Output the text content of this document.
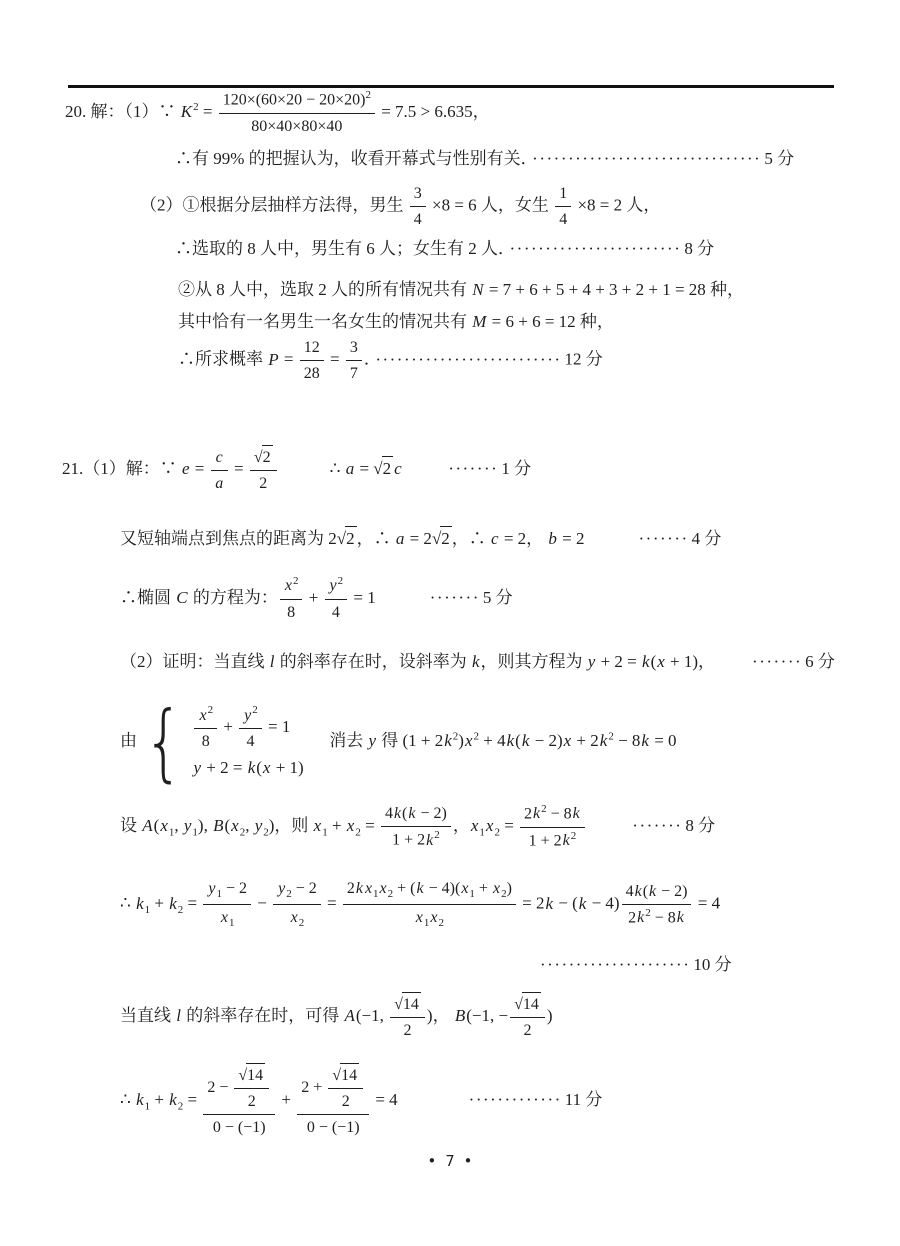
20. 解：（1）∵ $K^2 = \frac{120\times(60\times 20 - 20\times 20)^2}{80\times 40\times 80\times 40} = 7.5 > 6.635$，
∴有 99% 的把握认为，收看开幕式与性别有关． ································ 5 分
（2）①根据分层抽样方法得，男生 $\frac{3}{4} \times 8 = 6$ 人，女生 $\frac{1}{4} \times 8 = 2$ 人，
∴选取的 8 人中，男生有 6 人；女生有 2 人． ························ 8 分
②从 8 人中，选取 2 人的所有情况共有 N = 7 + 6 + 5 + 4 + 3 + 2 + 1 = 28 种，
其中恰有一名男生一名女生的情况共有 M = 6 + 6 = 12 种，
∴所求概率 $P = \frac{12}{28} = \frac{3}{7}$ ． ·························· 12 分
21.（1）解：∵ $e = \frac{c}{a} = \frac{√2}{2}$	∴ a = √2 c	······· 1 分
又短轴端点到焦点的距离为 2√2 ，∴ a = 2√2 ，∴ c = 2， b = 2	······· 4 分
∴椭圆 C 的方程为： $\frac{x^2}{8} + \frac{y^2}{4} = 1$	······· 5 分
（2）证明：当直线 l 的斜率存在时，设斜率为 k，则其方程为 y + 2 = k(x + 1)， ······· 6 分
由 { $\frac{x^2}{8} + \frac{y^2}{4} = 1$
y + 2 = k(x + 1)
消去 y 得 $(1 + 2k^2)x^2 + 4k(k - 2)x + 2k^2 - 8k = 0$
设 $A(x_1$, $y_1$), $B(x_2$, $y_2$)，则 $x_1 + x_2 = \frac{4k(k - 2)}{1 + 2k^2}$ ，$x_1x_2 = \frac{2k^2 - 8k}{1 + 2k^2}$	······· 8 分
∴ $k_1 + k_2 = \frac{y_1 - 2}{x_1} - \frac{y_2 - 2}{x_2} = \frac{2k x_1x_2 + (k - 4)(x_1 + x_2)}{x_1x_2} = 2k - (k - 4) \frac{4k(k - 2)}{2k^2 - 8k} = 4$
····················· 10 分
当直线 l 的斜率存在时，可得 A(−1, $\frac{√14}{2}$ )， B(−1, − $\frac{√14}{2}$ )
∴ $k_1 + k_2 = \frac{2 - \frac{√14}{2}}{0 - (-1)} + \frac{2 + \frac{√14}{2}}{0 - (-1)} = 4$	············· 11 分
• 7 •
